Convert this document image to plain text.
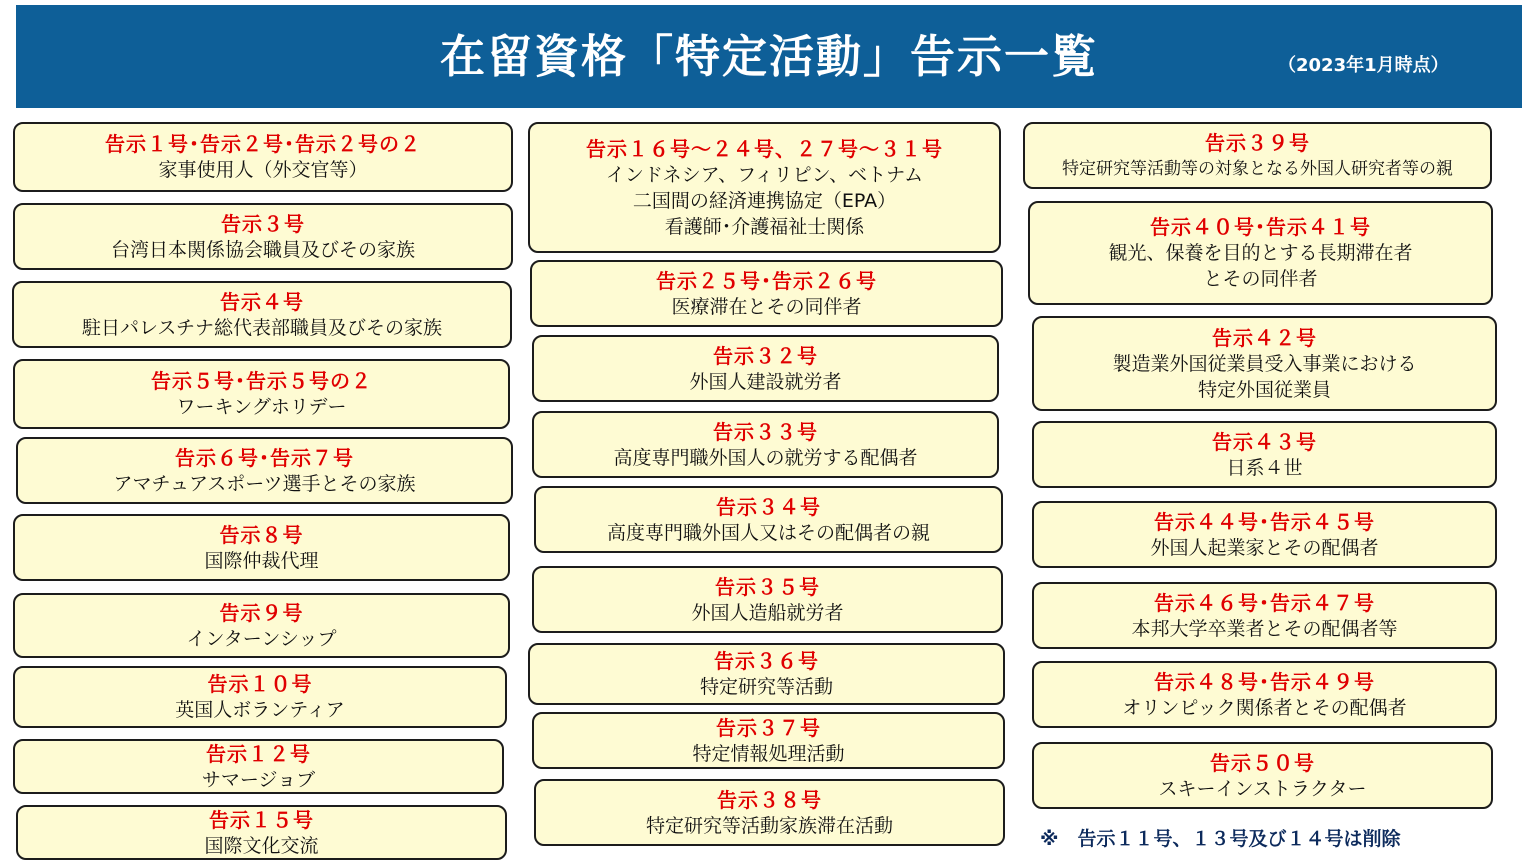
在留資格「特定活動」告示一覧	（2023年1月時点）
告示１号･告示２号･告示２号の２
家事使用人（外交官等）
告示３号
台湾日本関係協会職員及びその家族
告示４号
駐日パレスチナ総代表部職員及びその家族
告示５号･告示５号の２
ワーキングホリデー
告示６号･告示７号
アマチュアスポーツ選手とその家族
告示８号
国際仲裁代理
告示９号
インターンシップ
告示１０号
英国人ボランティア
告示１２号
サマージョブ
告示１５号
国際文化交流
告示１６号～２４号、２７号～３１号
インドネシア、フィリピン、ベトナム
二国間の経済連携協定（EPA）
看護師･介護福祉士関係
告示２５号･告示２６号
医療滞在とその同伴者
告示３２号
外国人建設就労者
告示３３号
高度専門職外国人の就労する配偶者
告示３４号
高度専門職外国人又はその配偶者の親
告示３５号
外国人造船就労者
告示３６号
特定研究等活動
告示３７号
特定情報処理活動
告示３８号
特定研究等活動家族滞在活動
告示３９号
特定研究等活動等の対象となる外国人研究者等の親
告示４０号･告示４１号
観光、保養を目的とする長期滞在者
とその同伴者
告示４２号
製造業外国従業員受入事業における
特定外国従業員
告示４３号
日系４世
告示４４号･告示４５号
外国人起業家とその配偶者
告示４６号･告示４７号
本邦大学卒業者とその配偶者等
告示４８号･告示４９号
オリンピック関係者とその配偶者
告示５０号
スキーインストラクター
※　告示１１号、１３号及び１４号は削除
